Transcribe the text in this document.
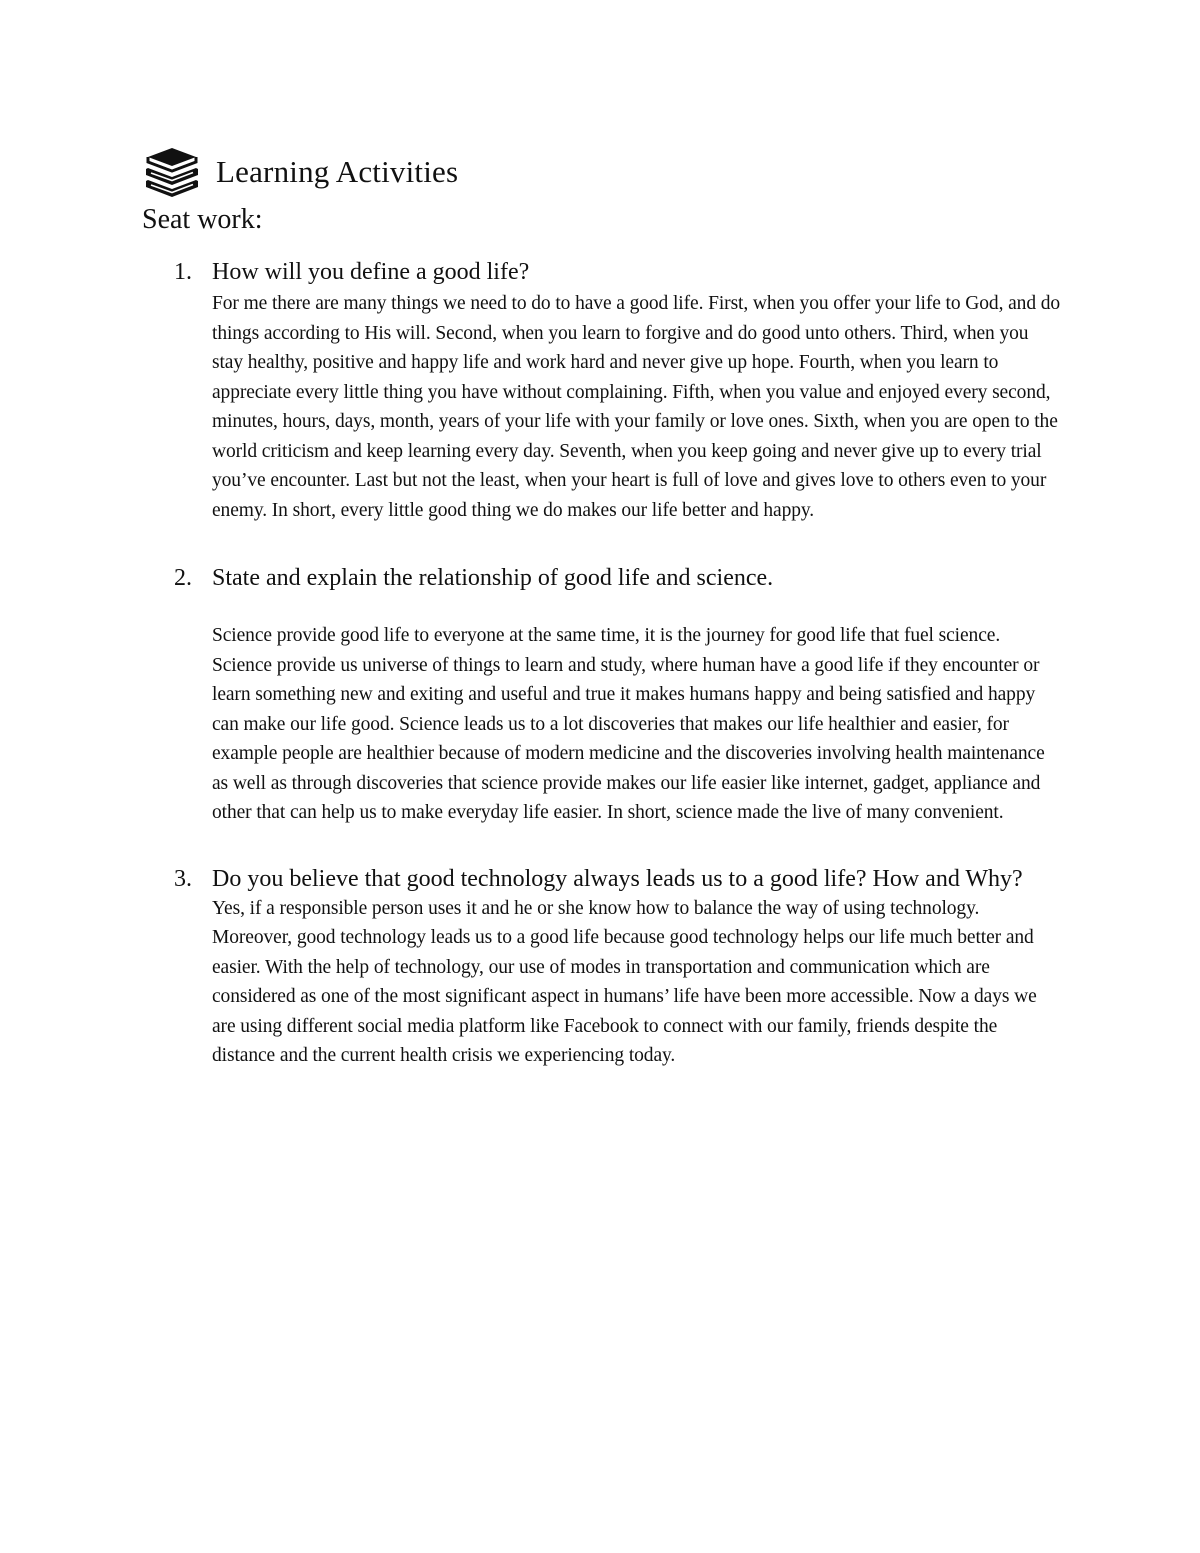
Learning Activities
Seat work:
1. How will you define a good life?

For me there are many things we need to do to have a good life. First, when you offer your life to God, and do things according to His will. Second, when you learn to forgive and do good unto others. Third, when you stay healthy, positive and happy life and work hard and never give up hope. Fourth, when you learn to appreciate every little thing you have without complaining. Fifth, when you value and enjoyed every second, minutes, hours, days, month, years of your life with your family or love ones. Sixth, when you are open to the world criticism and keep learning every day. Seventh, when you keep going and never give up to every trial you’ve encounter. Last but not the least, when your heart is full of love and gives love to others even to your enemy. In short, every little good thing we do makes our life better and happy.

2. State and explain the relationship of good life and science.

Science provide good life to everyone at the same time, it is the journey for good life that fuel science. Science provide us universe of things to learn and study, where human have a good life if they encounter or learn something new and exiting and useful and true it makes humans happy and being satisfied and happy can make our life good. Science leads us to a lot discoveries that makes our life healthier and easier, for example people are healthier because of modern medicine and the discoveries involving health maintenance as well as through discoveries that science provide makes our life easier like internet, gadget, appliance and other that can help us to make everyday life easier. In short, science made the live of many convenient.

3. Do you believe that good technology always leads us to a good life? How and Why?

Yes, if a responsible person uses it and he or she know how to balance the way of using technology. Moreover, good technology leads us to a good life because good technology helps our life much better and easier. With the help of technology, our use of modes in transportation and communication which are considered as one of the most significant aspect in humans’ life have been more accessible. Now a days we are using different social media platform like Facebook to connect with our family, friends despite the distance and the current health crisis we experiencing today.
